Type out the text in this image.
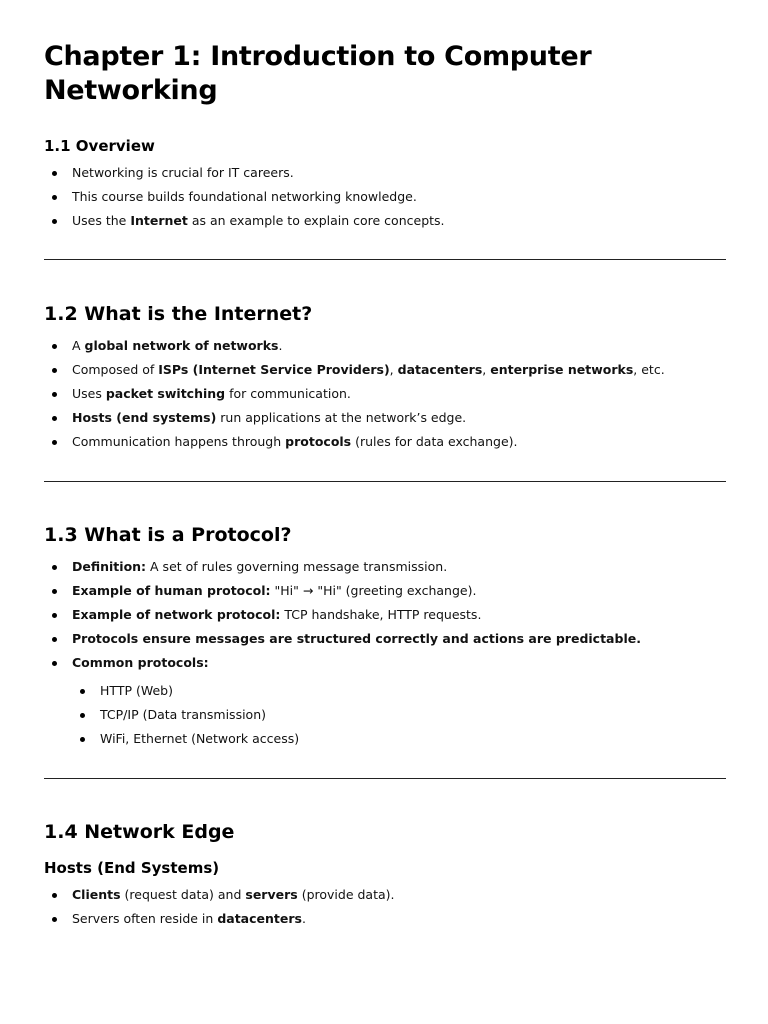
Chapter 1: Introduction to Computer Networking
1.1 Overview
Networking is crucial for IT careers.
This course builds foundational networking knowledge.
Uses the Internet as an example to explain core concepts.
1.2 What is the Internet?
A global network of networks.
Composed of ISPs (Internet Service Providers), datacenters, enterprise networks, etc.
Uses packet switching for communication.
Hosts (end systems) run applications at the network’s edge.
Communication happens through protocols (rules for data exchange).
1.3 What is a Protocol?
Definition: A set of rules governing message transmission.
Example of human protocol: "Hi" → "Hi" (greeting exchange).
Example of network protocol: TCP handshake, HTTP requests.
Protocols ensure messages are structured correctly and actions are predictable.
Common protocols:
HTTP (Web)
TCP/IP (Data transmission)
WiFi, Ethernet (Network access)
1.4 Network Edge
Hosts (End Systems)
Clients (request data) and servers (provide data).
Servers often reside in datacenters.
